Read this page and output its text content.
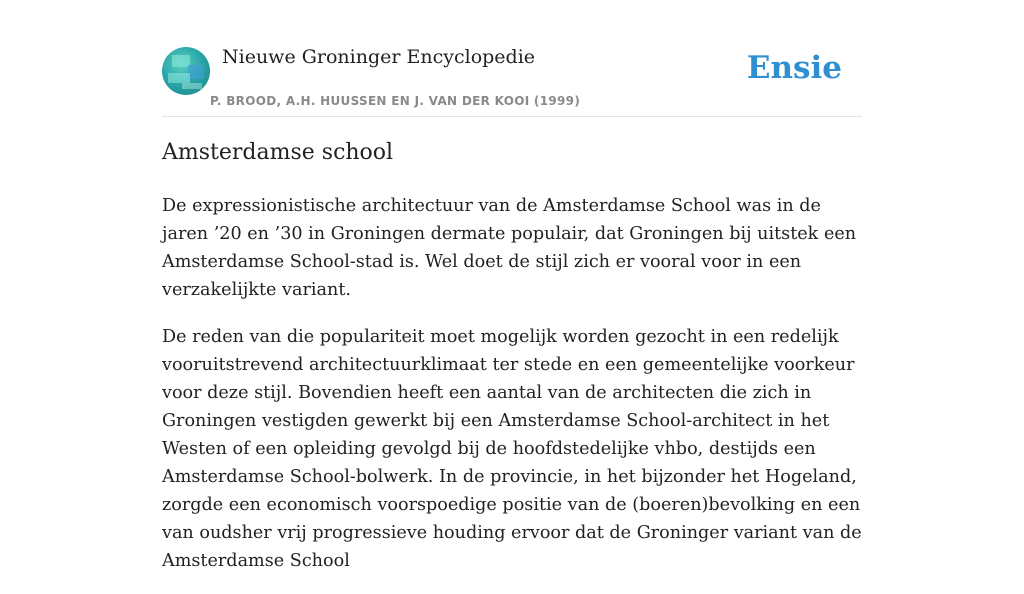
Nieuwe Groninger Encyclopedie
P. BROOD, A.H. HUUSSEN EN J. VAN DER KOOI (1999)
Ensie
Amsterdamse school

De expressionistische architectuur van de Amsterdamse School was in de jaren ’20 en ’30 in Groningen dermate populair, dat Groningen bij uitstek een Amsterdamse School-stad is. Wel doet de stijl zich er vooral voor in een verzakelijkte variant.

De reden van die populariteit moet mogelijk worden gezocht in een redelijk vooruitstrevend architectuurklimaat ter stede en een gemeentelijke voorkeur voor deze stijl. Bovendien heeft een aantal van de architecten die zich in Groningen vestigden gewerkt bij een Amsterdamse School-architect in het Westen of een opleiding gevolgd bij de hoofdstedelijke vhbo, destijds een Amsterdamse School-bolwerk. In de provincie, in het bijzonder het Hogeland, zorgde een economisch voorspoedige positie van de (boeren)bevolking en een van oudsher vrij progressieve houding ervoor dat de Groninger variant van de Amsterdamse School
